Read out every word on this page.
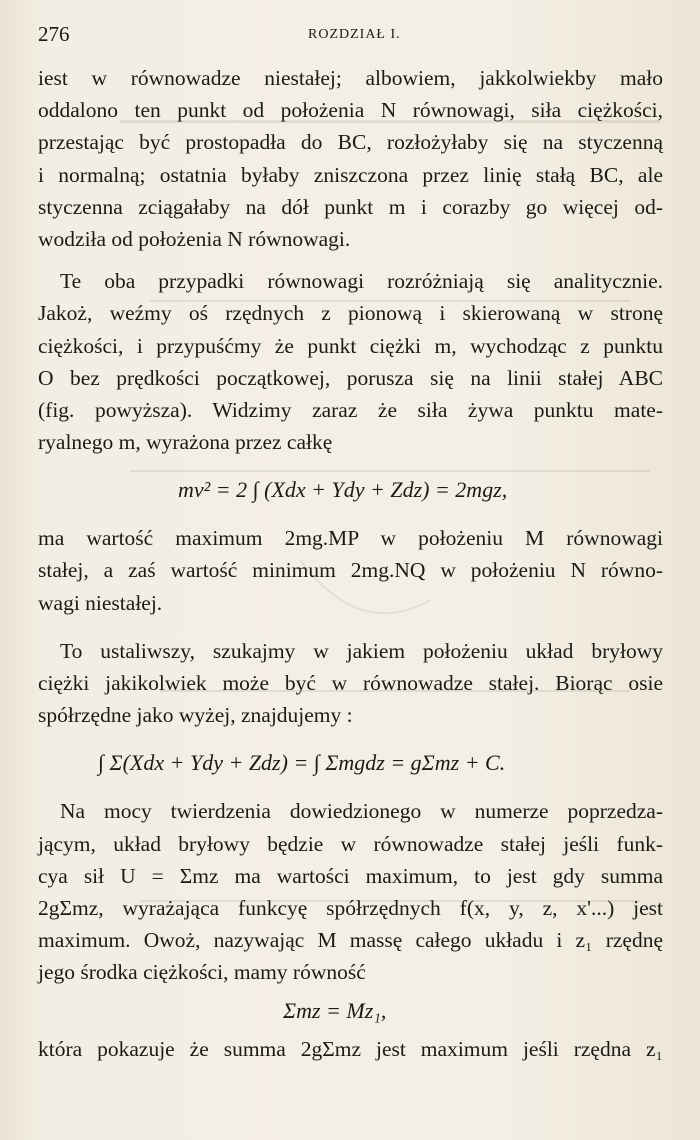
276	ROZDZIAŁ I.
iest w równowadze niestałej; albowiem, jakkolwiekby mało
oddalono ten punkt od położenia N równowagi, siła ciężkości,
przestając być prostopadła do BC, rozłożyłaby się na styczenną
i normalną; ostatnia byłaby zniszczona przez linię stałą BC, ale
styczenna zciągałaby na dół punkt m i corazby go więcej od-
wodziła od położenia N równowagi.
Te oba przypadki równowagi rozróżniają się analitycznie.
Jakoż, weźmy oś rzędnych z pionową i skierowaną w stronę
ciężkości, i przypuśćmy że punkt ciężki m, wychodząc z punktu
O bez prędkości początkowej, porusza się na linii stałej ABC
(fig. powyższa). Widzimy zaraz że siła żywa punktu mate-
ryalnego m, wyrażona przez całkę
mv² = 2 ∫ (Xdx + Ydy + Zdz) = 2mgz,
ma wartość maximum 2mg.MP w położeniu M równowagi
stałej, a zaś wartość minimum 2mg.NQ w położeniu N równo-
wagi niestałej.
To ustaliwszy, szukajmy w jakiem położeniu układ bryłowy
ciężki jakikolwiek może być w równowadze stałej. Biorąc osie
spółrzędne jako wyżej, znajdujemy :
∫ Σ(Xdx + Ydy + Zdz) = ∫ Σmgdz = gΣmz + C.
Na mocy twierdzenia dowiedzionego w numerze poprzedza-
jącym, układ bryłowy będzie w równowadze stałej jeśli funk-
cya sił U = Σmz ma wartości maximum, to jest gdy summa
2gΣmz, wyrażająca funkcyę spółrzędnych f(x, y, z, x'...) jest
maximum. Owoż, nazywając M massę całego układu i z₁ rzędnę
jego środka ciężkości, mamy równość
Σmz = Mz₁,
która pokazuje że summa 2gΣmz jest maximum jeśli rzędna z₁
